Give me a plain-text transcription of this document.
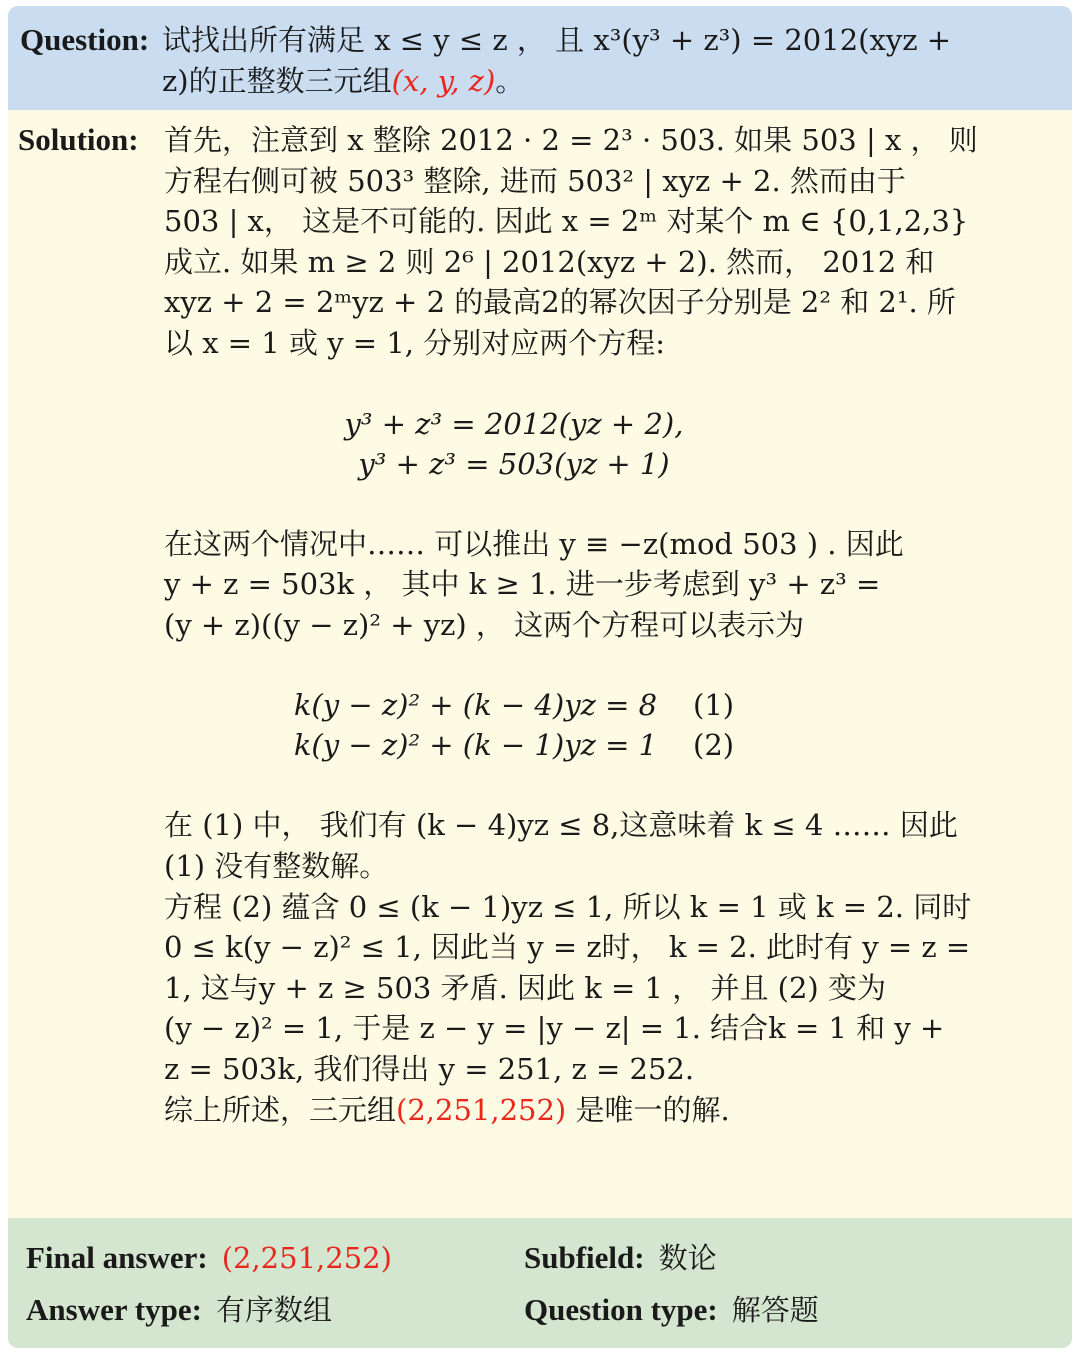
Question: 试找出所有满足 x ≤ y ≤ z ， 且 x³(y³ + z³) = 2012(xyz +
z)的正整数三元组(x, y, z)。
Solution: 首先，注意到 x 整除 2012 · 2 = 2³ · 503. 如果 503 | x ， 则
方程右侧可被 503³ 整除, 进而 503² | xyz + 2. 然而由于
503 | x， 这是不可能的. 因此 x = 2ᵐ 对某个 m ∈ {0,1,2,3}
成立. 如果 m ≥ 2 则 2⁶ | 2012(xyz + 2). 然而， 2012 和
xyz + 2 = 2ᵐyz + 2 的最高2的幂次因子分别是 2² 和 2¹. 所
以 x = 1 或 y = 1, 分别对应两个方程:
y³ + z³ = 2012(yz + 2),
y³ + z³ = 503(yz + 1)
在这两个情况中…… 可以推出 y ≡ −z(mod 503 ) . 因此
y + z = 503k ， 其中 k ≥ 1. 进一步考虑到 y³ + z³ =
(y + z)((y − z)² + yz) ， 这两个方程可以表示为
k(y − z)² + (k − 4)yz = 8 (1)
k(y − z)² + (k − 1)yz = 1 (2)
在 (1) 中， 我们有 (k − 4)yz ≤ 8,这意味着 k ≤ 4 …… 因此
(1) 没有整数解。
方程 (2) 蕴含 0 ≤ (k − 1)yz ≤ 1, 所以 k = 1 或 k = 2. 同时
0 ≤ k(y − z)² ≤ 1, 因此当 y = z时， k = 2. 此时有 y = z =
1, 这与y + z ≥ 503 矛盾. 因此 k = 1 ， 并且 (2) 变为
(y − z)² = 1, 于是 z − y = |y − z| = 1. 结合k = 1 和 y +
z = 503k, 我们得出 y = 251, z = 252.
综上所述，三元组(2,251,252) 是唯一的解.
Final answer: (2,251,252)	Subfield: 数论
Answer type: 有序数组	Question type: 解答题
